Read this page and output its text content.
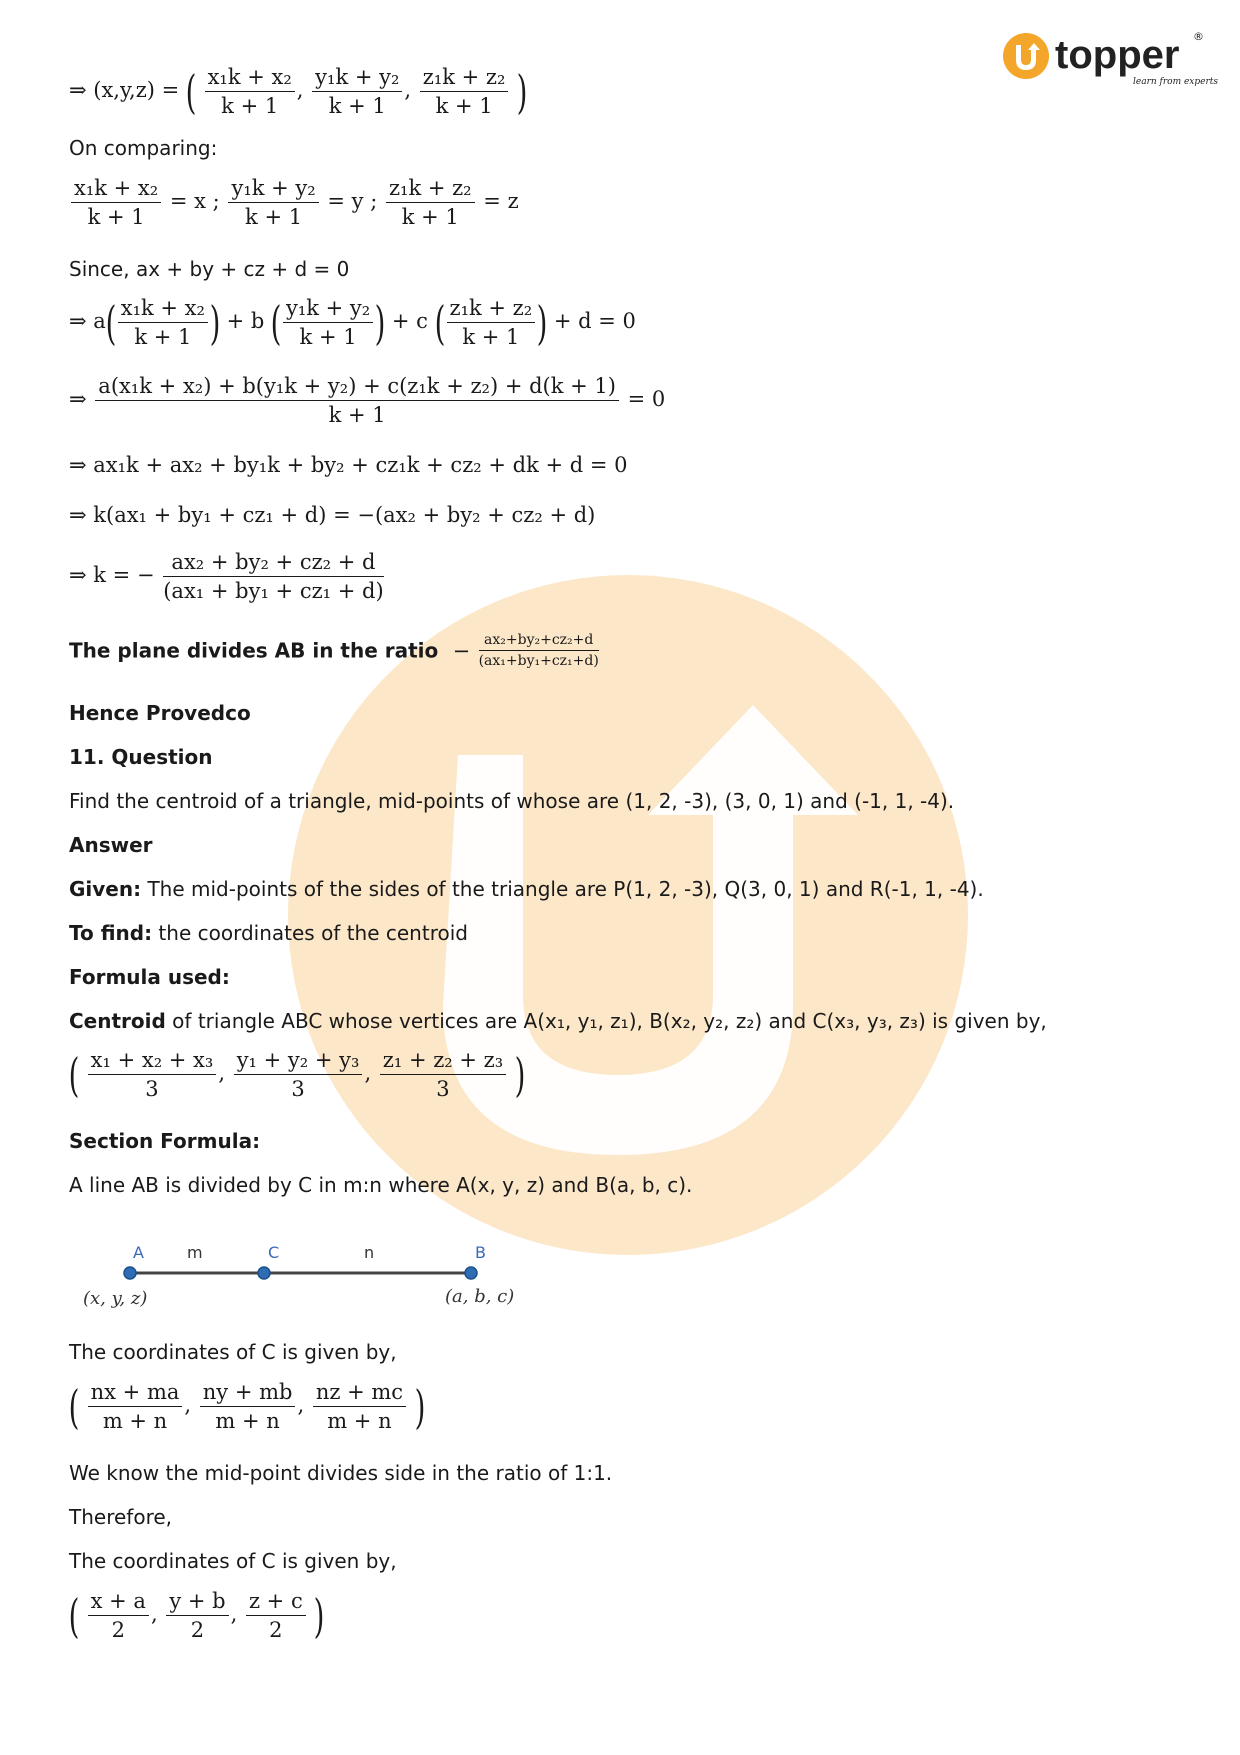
topper ®
learn from experts
⇒ (x,y,z) = ( $\frac{\text{x₁k + x₂}}{k + 1}$ , $\frac{\text{y₁k + y₂}}{k + 1}$ , $\frac{\text{z₁k + z₂}}{k + 1}$ )
On comparing:
$\frac{\text{x₁k + x₂}}{k + 1} = x$ ; $\frac{\text{y₁k + y₂}}{k + 1} = y$ ; $\frac{\text{z₁k + z₂}}{k + 1} = z$
Since, ax + by + cz + d = 0
⇒ $a( \frac{\text{x₁k + x₂}}{k + 1}$ ) + b ( $\frac{\text{y₁k + y₂}}{k + 1}$ ) + c ( $\frac{\text{z₁k + z₂}}{k + 1}$ ) + d = 0
⇒ $\frac{\text{a(x₁k + x₂) + b(y₁k + y₂) + c(z₁k + z₂) + d(k + 1)}}{k + 1} = 0$
⇒ ax₁k + ax₂ + by₁k + by₂ + cz₁k + cz₂ + dk + d = 0
⇒ k(ax₁ + by₁ + cz₁ + d) = −(ax₂ + by₂ + cz₂ + d)
⇒ k = − $\frac{\text{ax₂ + by₂ + cz₂ + d}}{\text{(ax₁ + by₁ + cz₁ + d)}}$
The plane divides AB in the ratio − $\frac{\text{ax₂+by₂+cz₂+d}}{\text{(ax₁+by₁+cz₁+d)}}$
Hence Provedco
11. Question
Find the centroid of a triangle, mid-points of whose are (1, 2, -3), (3, 0, 1) and (-1, 1, -4).
Answer
Given: The mid-points of the sides of the triangle are P(1, 2, -3), Q(3, 0, 1) and R(-1, 1, -4).
To find: the coordinates of the centroid
Formula used:
Centroid of triangle ABC whose vertices are A(x₁, y₁, z₁), B(x₂, y₂, z₂) and C(x₃, y₃, z₃) is given by,
( $\frac{\text{x₁ + x₂ + x₃}}{3}$ , $\frac{\text{y₁ + y₂ + y₃}}{3}$ , $\frac{\text{z₁ + z₂ + z₃}}{3}$ )
Section Formula:
A line AB is divided by C in m:n where A(x, y, z) and B(a, b, c).
The coordinates of C is given by,
( $\frac{nx + ma}{m + n}$ , $\frac{ny + mb}{m + n}$ , $\frac{nz + mc}{m + n}$ )
We know the mid-point divides side in the ratio of 1:1.
Therefore,
The coordinates of C is given by,
( $\frac{x + a}{2}$ , $\frac{y + b}{2}$ , $\frac{z + c}{2}$ )
A	m	C	n	B
(x, y, z)	(a, b, c)
